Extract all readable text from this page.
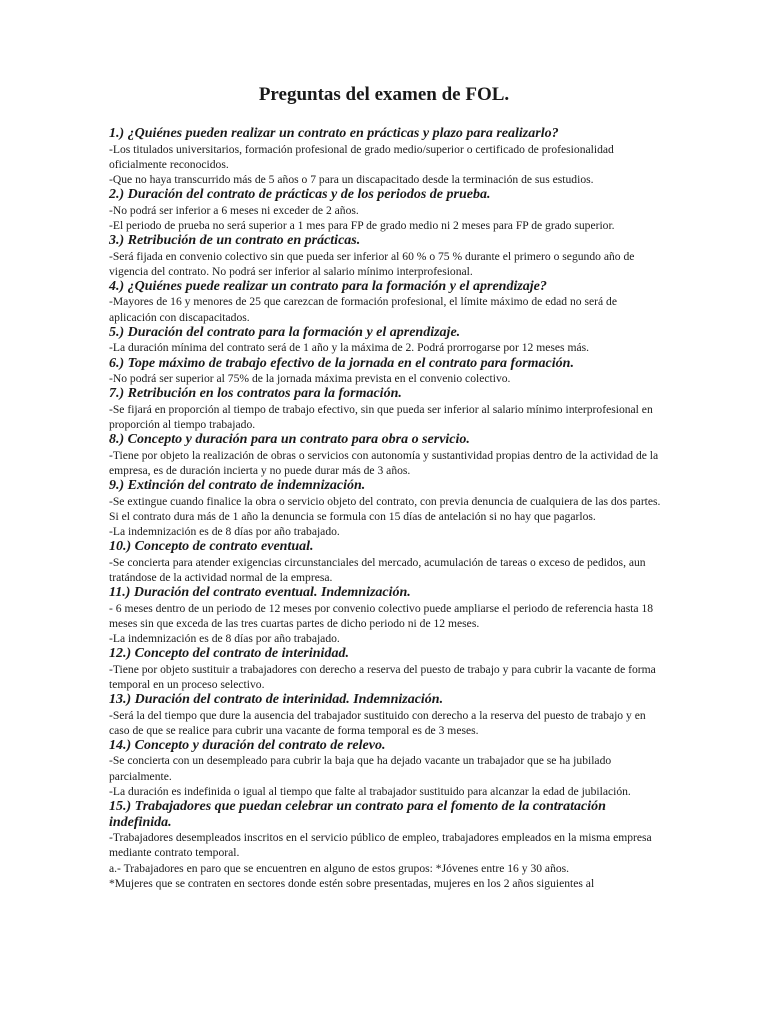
Preguntas del examen de FOL.

1.) ¿Quiénes pueden realizar un contrato en prácticas y plazo para realizarlo?

-Los titulados universitarios, formación profesional de grado medio/superior o certificado de profesionalidad oficialmente reconocidos.

-Que no haya transcurrido más de 5 años o 7 para un discapacitado desde la terminación de sus estudios.

2.) Duración del contrato de prácticas y de los periodos de prueba.

-No podrá ser inferior a 6 meses ni exceder de 2 años.

-El periodo de prueba no será superior a 1 mes para FP de grado medio ni 2 meses para FP de grado superior.

3.) Retribución de un contrato en prácticas.

-Será fijada en convenio colectivo sin que pueda ser inferior al 60 % o 75 % durante el primero o segundo año de vigencia del contrato. No podrá ser inferior al salario mínimo interprofesional.

4.) ¿Quiénes puede realizar un contrato para la formación y el aprendizaje?

-Mayores de 16 y menores de 25 que carezcan de formación profesional, el límite máximo de edad no será de aplicación con discapacitados.

5.) Duración del contrato para la formación y el aprendizaje.

-La duración mínima del contrato será de 1 año y la máxima de 2. Podrá prorrogarse por 12 meses más.

6.) Tope máximo de trabajo efectivo de la jornada en el contrato para formación.

-No podrá ser superior al 75% de la jornada máxima prevista en el convenio colectivo.

7.) Retribución en los contratos para la formación.

-Se fijará en proporción al tiempo de trabajo efectivo, sin que pueda ser inferior al salario mínimo interprofesional en proporción al tiempo trabajado.

8.) Concepto y duración para un contrato para obra o servicio.

-Tiene por objeto la realización de obras o servicios con autonomía y sustantividad propias dentro de la actividad de la empresa, es de duración incierta y no puede durar más de 3 años.

9.) Extinción del contrato de indemnización.

-Se extingue cuando finalice la obra o servicio objeto del contrato, con previa denuncia de cualquiera de las dos partes. Si el contrato dura más de 1 año la denuncia se formula con 15 días de antelación si no hay que pagarlos.

-La indemnización es de 8 días por año trabajado.

10.) Concepto de contrato eventual.

-Se concierta para atender exigencias circunstanciales del mercado, acumulación de tareas o exceso de pedidos, aun tratándose de la actividad normal de la empresa.

11.) Duración del contrato eventual. Indemnización.

- 6 meses dentro de un periodo de 12 meses por convenio colectivo puede ampliarse el periodo de referencia hasta 18 meses sin que exceda de las tres cuartas partes de dicho periodo ni de 12 meses.

-La indemnización es de 8 días por año trabajado.

12.) Concepto del contrato de interinidad.

-Tiene por objeto sustituir a trabajadores con derecho a reserva del puesto de trabajo y para cubrir la vacante de forma temporal en un proceso selectivo.

13.) Duración del contrato de interinidad. Indemnización.

-Será la del tiempo que dure la ausencia del trabajador sustituido con derecho a la reserva del puesto de trabajo y en caso de que se realice para cubrir una vacante de forma temporal es de 3 meses.

14.) Concepto y duración del contrato de relevo.

-Se concierta con un desempleado para cubrir la baja que ha dejado vacante un trabajador que se ha jubilado parcialmente.

-La duración es indefinida o igual al tiempo que falte al trabajador sustituido para alcanzar la edad de jubilación.

15.) Trabajadores que puedan celebrar un contrato para el fomento de la contratación indefinida.

-Trabajadores desempleados inscritos en el servicio público de empleo, trabajadores empleados en la misma empresa mediante contrato temporal.

a.- Trabajadores en paro que se encuentren en alguno de estos grupos: *Jóvenes entre 16 y 30 años.

*Mujeres que se contraten en sectores donde estén sobre presentadas, mujeres en los 2 años siguientes al
